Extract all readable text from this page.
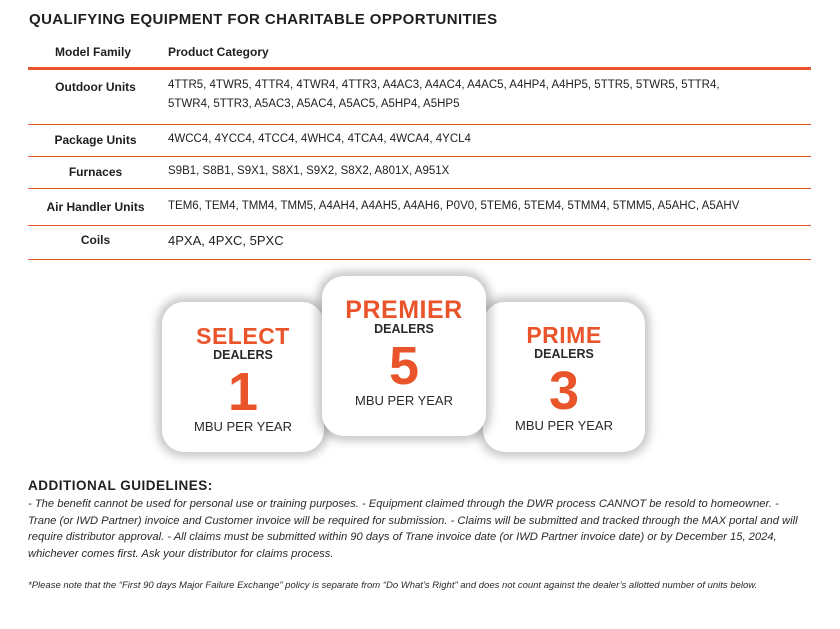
QUALIFYING EQUIPMENT FOR CHARITABLE OPPORTUNITIES
Model Family	Product Category
Outdoor Units	4TTR5, 4TWR5, 4TTR4, 4TWR4, 4TTR3, A4AC3, A4AC4, A4AC5, A4HP4, A4HP5, 5TTR5, 5TWR5, 5TTR4,
5TWR4, 5TTR3, A5AC3, A5AC4, A5AC5, A5HP4, A5HP5
Package Units	4WCC4, 4YCC4, 4TCC4, 4WHC4, 4TCA4, 4WCA4, 4YCL4
Furnaces	S9B1, S8B1, S9X1, S8X1, S9X2, S8X2, A801X, A951X
Air Handler Units	TEM6, TEM4, TMM4, TMM5, A4AH4, A4AH5, A4AH6, P0V0, 5TEM6, 5TEM4, 5TMM4, 5TMM5, A5AHC, A5AHV
Coils	4PXA, 4PXC, 5PXC
SELECT
DEALERS
1
MBU PER YEAR
PRIME
DEALERS
3
MBU PER YEAR
PREMIER
DEALERS
5
MBU PER YEAR
ADDITIONAL GUIDELINES:
- The benefit cannot be used for personal use or training purposes. - Equipment claimed through the DWR process CANNOT be resold to homeowner. - Trane (or IWD Partner) invoice and Customer invoice will be required for submission. - Claims will be submitted and tracked through the MAX portal and will require distributor approval. - All claims must be submitted within 90 days of Trane invoice date (or IWD Partner invoice date) or by December 15, 2024, whichever comes first. Ask your distributor for claims process.
*Please note that the “First 90 days Major Failure Exchange” policy is separate from “Do What’s Right” and does not count against the dealer’s allotted number of units below.
